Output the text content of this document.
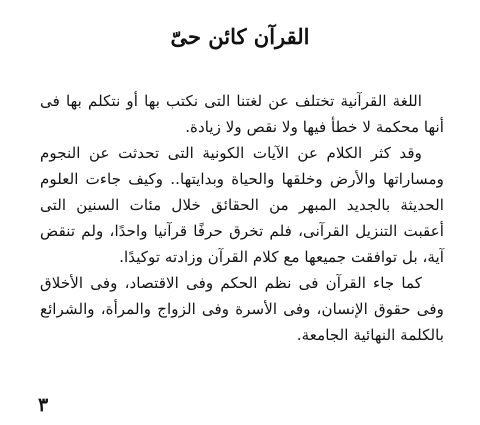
القرآن كائن حىّ

اللغة القرآنية تختلف عن لغتنا التى نكتب بها أو نتكلم بها فى أنها محكمة لا خطأ فيها ولا نقص ولا زيادة.

وقد كثر الكلام عن الآيات الكونية التى تحدثت عن النجوم ومساراتها والأرض وخلقها والحياة وبدايتها.. وكيف جاءت العلوم الحديثة بالجديد المبهر من الحقائق خلال مئات السنين التى أعقبت التنزيل القرآنى، فلم تخرق حرفًا قرآنيا واحدًا، ولم تنقض آية، بل توافقت جميعها مع كلام القرآن وزادته توكيدًا.

كما جاء القرآن فى نظم الحكم وفى الاقتصاد، وفى الأخلاق وفى حقوق الإنسان، وفى الأسرة وفى الزواج والمرأة، والشرائع بالكلمة النهائية الجامعة.

٣
